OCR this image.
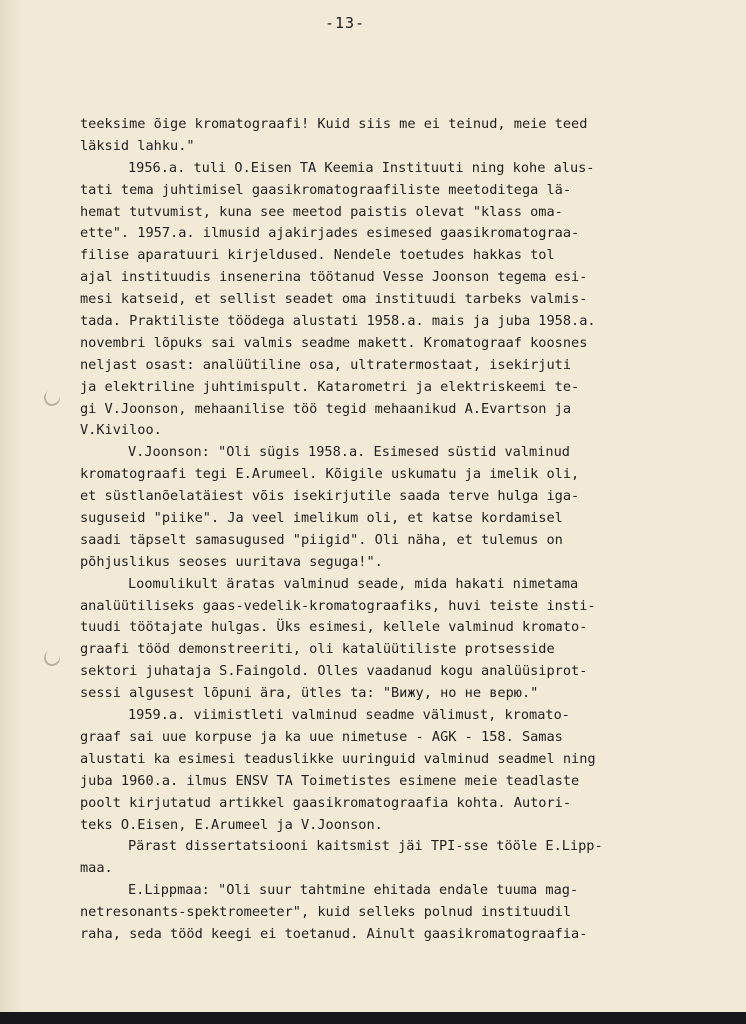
-13-
teeksime õige kromatograafi! Kuid siis me ei teinud, meie teed
läksid lahku."
1956.a. tuli O.Eisen TA Keemia Instituuti ning kohe alus-
tati tema juhtimisel gaasikromatograafiliste meetoditega lä-
hemat tutvumist, kuna see meetod paistis olevat "klass oma-
ette". 1957.a. ilmusid ajakirjades esimesed gaasikromatograa-
filise aparatuuri kirjeldused. Nendele toetudes hakkas tol
ajal instituudis insenerina töötanud Vesse Joonson tegema esi-
mesi katseid, et sellist seadet oma instituudi tarbeks valmis-
tada. Praktiliste töödega alustati 1958.a. mais ja juba 1958.a.
novembri lõpuks sai valmis seadme makett. Kromatograaf koosnes
neljast osast: analüütiline osa, ultratermostaat, isekirjuti
ja elektriline juhtimispult. Katarometri ja elektriskeemi te-
gi V.Joonson, mehaanilise töö tegid mehaanikud A.Evartson ja
V.Kiviloo.
V.Joonson: "Oli sügis 1958.a. Esimesed süstid valminud
kromatograafi tegi E.Arumeel. Kõigile uskumatu ja imelik oli,
et süstlanõelatäiest võis isekirjutile saada terve hulga iga-
suguseid "piike". Ja veel imelikum oli, et katse kordamisel
saadi täpselt samasugused "piigid". Oli näha, et tulemus on
põhjuslikus seoses uuritava seguga!".
Loomulikult äratas valminud seade, mida hakati nimetama
analüütiliseks gaas-vedelik-kromatograafiks, huvi teiste insti-
tuudi töötajate hulgas. Üks esimesi, kellele valminud kromato-
graafi tööd demonstreeriti, oli katalüütiliste protsesside
sektori juhataja S.Faingold. Olles vaadanud kogu analüüsiprot-
sessi algusest lõpuni ära, ütles ta: "Вижу, но не верю."
1959.a. viimistleti valminud seadme välimust, kromato-
graaf sai uue korpuse ja ka uue nimetuse - AGK - 158. Samas
alustati ka esimesi teaduslikke uuringuid valminud seadmel ning
juba 1960.a. ilmus ENSV TA Toimetistes esimene meie teadlaste
poolt kirjutatud artikkel gaasikromatograafia kohta. Autori-
teks O.Eisen, E.Arumeel ja V.Joonson.
Pärast dissertatsiooni kaitsmist jäi TPI-sse tööle E.Lipp-
maa.
E.Lippmaa: "Oli suur tahtmine ehitada endale tuuma mag-
netresonants-spektromeeter", kuid selleks polnud instituudil
raha, seda tööd keegi ei toetanud. Ainult gaasikromatograafia-
